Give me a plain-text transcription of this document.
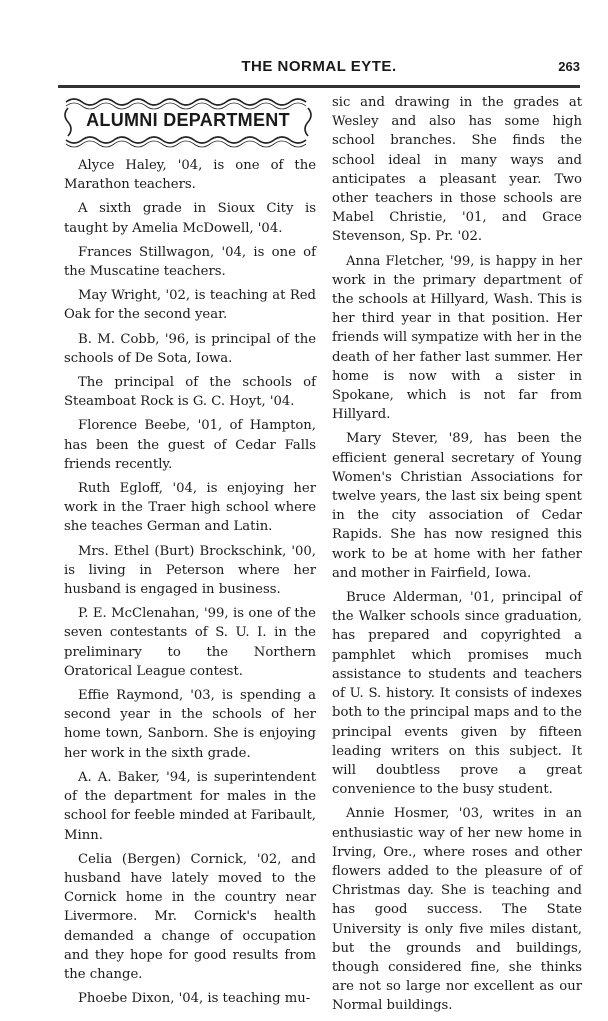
THE NORMAL EYTE.	263
ALUMNI DEPARTMENT

Alyce Haley, '04, is one of the Marathon teachers.

A sixth grade in Sioux City is taught by Amelia McDowell, '04.

Frances Stillwagon, '04, is one of the Muscatine teachers.

May Wright, '02, is teaching at Red Oak for the second year.

B. M. Cobb, '96, is principal of the schools of De Sota, Iowa.

The principal of the schools of Steamboat Rock is G. C. Hoyt, '04.

Florence Beebe, '01, of Hampton, has been the guest of Cedar Falls friends recently.

Ruth Egloff, '04, is enjoying her work in the Traer high school where she teaches German and Latin.

Mrs. Ethel (Burt) Brockschink, '00, is living in Peterson where her husband is engaged in business.

P. E. McClenahan, '99, is one of the seven contestants of S. U. I. in the preliminary to the Northern Oratorical League contest.

Effie Raymond, '03, is spending a second year in the schools of her home town, Sanborn. She is enjoying her work in the sixth grade.

A. A. Baker, '94, is superintendent of the department for males in the school for feeble minded at Faribault, Minn.

Celia (Bergen) Cornick, '02, and husband have lately moved to the Cornick home in the country near Livermore. Mr. Cornick's health demanded a change of occupation and they hope for good results from the change.

Phoebe Dixon, '04, is teaching mu-

sic and drawing in the grades at Wesley and also has some high school branches. She finds the school ideal in many ways and anticipates a pleasant year. Two other teachers in those schools are Mabel Christie, '01, and Grace Stevenson, Sp. Pr. '02.

Anna Fletcher, '99, is happy in her work in the primary department of the schools at Hillyard, Wash. This is her third year in that position. Her friends will sympatize with her in the death of her father last summer. Her home is now with a sister in Spokane, which is not far from Hillyard.

Mary Stever, '89, has been the efficient general secretary of Young Women's Christian Associations for twelve years, the last six being spent in the city association of Cedar Rapids. She has now resigned this work to be at home with her father and mother in Fairfield, Iowa.

Bruce Alderman, '01, principal of the Walker schools since graduation, has prepared and copyrighted a pamphlet which promises much assistance to students and teachers of U. S. history. It consists of indexes both to the principal maps and to the principal events given by fifteen leading writers on this subject. It will doubtless prove a great convenience to the busy student.

Annie Hosmer, '03, writes in an enthusiastic way of her new home in Irving, Ore., where roses and other flowers added to the pleasure of of Christmas day. She is teaching and has good success. The State University is only five miles distant, but the grounds and buildings, though considered fine, she thinks are not so large nor excellent as our Normal buildings.
